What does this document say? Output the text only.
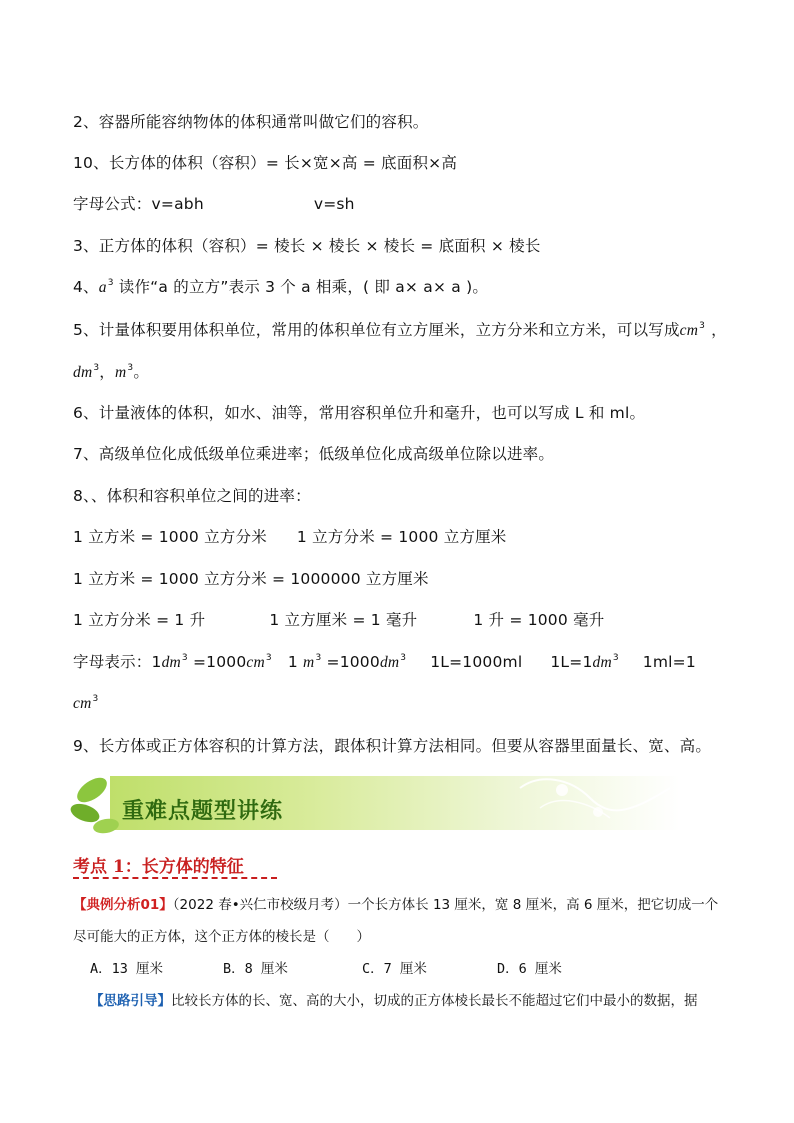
2、容器所能容纳物体的体积通常叫做它们的容积。
10、长方体的体积（容积）= 长×宽×高 = 底面积×高
字母公式：v=abh	v=sh
3、正方体的体积（容积）= 棱长 × 棱长 × 棱长 = 底面积 × 棱长
4、$a^3$ 读作“a 的立方”表示 3 个 a 相乘，( 即 a× a× a )。
5、计量体积要用体积单位，常用的体积单位有立方厘米，立方分米和立方米，可以写成$cm^3$ ，
$dm^3$，$m^3$。
6、计量液体的体积，如水、油等，常用容积单位升和毫升，也可以写成 L 和 ml。
7、高级单位化成低级单位乘进率；低级单位化成高级单位除以进率。
8、、体积和容积单位之间的进率：
1 立方米 = 1000 立方分米 1 立方分米 = 1000 立方厘米
1 立方米 = 1000 立方分米 = 1000000 立方厘米
1 立方分米 = 1 升	1 立方厘米 = 1 毫升	1 升 = 1000 毫升
字母表示：$1dm^3 =1000cm^3$ 1 $m^3 =1000dm^3$ 1L=1000ml $1L=1dm^3$ 1ml=1
$cm^3$
9、长方体或正方体容积的计算方法，跟体积计算方法相同。但要从容器里面量长、宽、高。
重难点题型讲练
考点 1：长方体的特征
【典例分析01】（2022 春•兴仁市校级月考）一个长方体长 13 厘米，宽 8 厘米，高 6 厘米，把它切成一个
尽可能大的正方体，这个正方体的棱长是（　　）
A．13 厘米	B．8 厘米	C．7 厘米	D．6 厘米
【思路引导】比较长方体的长、宽、高的大小，切成的正方体棱长最长不能超过它们中最小的数据，据
